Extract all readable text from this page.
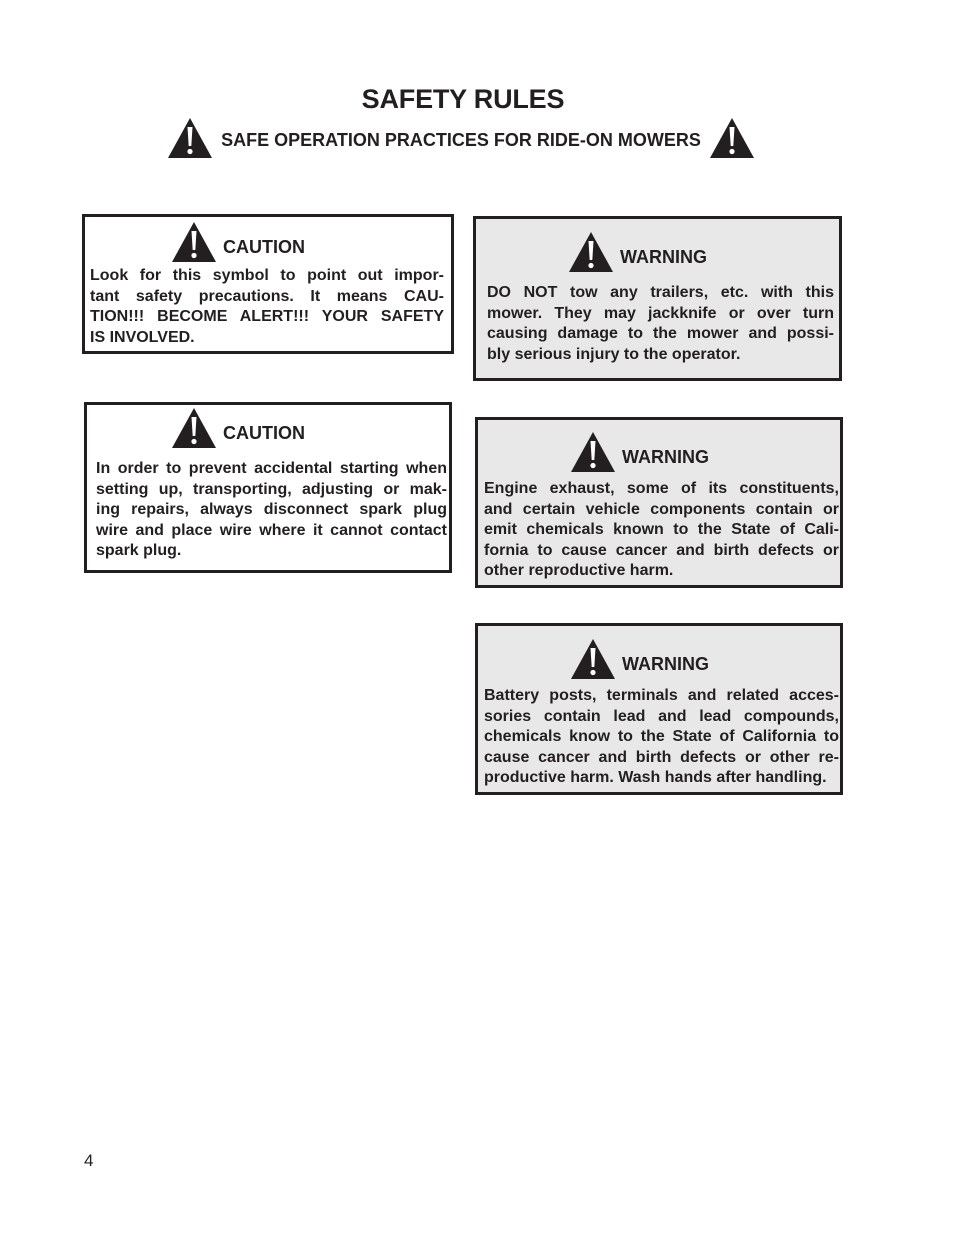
SAFETY RULES
SAFE OPERATION PRACTICES FOR RIDE-ON MOWERS
CAUTION
Look for this symbol to point out impor-
tant safety precautions. It means CAU-
TION!!! BECOME ALERT!!! YOUR SAFETY
IS INVOLVED.
CAUTION
In order to prevent accidental starting when
setting up, transporting, adjusting or mak-
ing repairs, always disconnect spark plug
wire and place wire where it cannot contact
spark plug.
WARNING
DO NOT tow any trailers, etc. with this
mower. They may jackknife or over turn
causing damage to the mower and possi-
bly serious injury to the operator.
WARNING
Engine exhaust, some of its constituents,
and certain vehicle components contain or
emit chemicals known to the State of Cali-
fornia to cause cancer and birth defects or
other reproductive harm.
WARNING
Battery posts, terminals and related acces-
sories contain lead and lead compounds,
chemicals know to the State of California to
cause cancer and birth defects or other re-
productive harm. Wash hands after handling.
4
